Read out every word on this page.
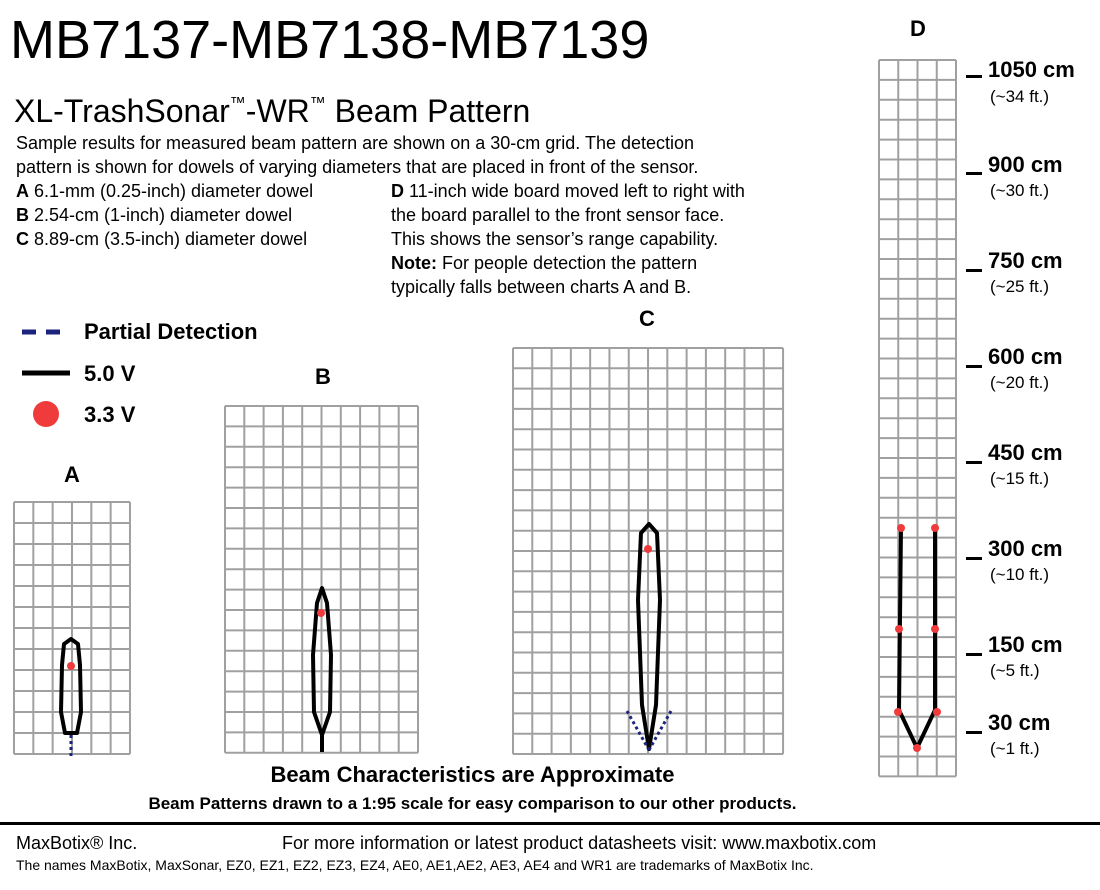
MB7137-MB7138-MB7139
XL-TrashSonar™-WR™ Beam Pattern
Sample results for measured beam pattern are shown on a 30-cm grid. The detection
pattern is shown for dowels of varying diameters that are placed in front of the sensor.
A 6.1-mm (0.25-inch) diameter dowel
B 2.54-cm (1-inch) diameter dowel
C 8.89-cm (3.5-inch) diameter dowel
D 11-inch wide board moved left to right with
the board parallel to the front sensor face.
This shows the sensor’s range capability.
Note: For people detection the pattern
typically falls between charts A and B.
Partial Detection
5.0 V
3.3 V
A
B
C
D
1050 cm
(~34 ft.)
900 cm
(~30 ft.)
750 cm
(~25 ft.)
600 cm
(~20 ft.)
450 cm
(~15 ft.)
300 cm
(~10 ft.)
150 cm
(~5 ft.)
30 cm
(~1 ft.)
Beam Characteristics are Approximate
Beam Patterns drawn to a 1:95 scale for easy comparison to our other products.
MaxBotix® Inc.	For more information or latest product datasheets visit: www.maxbotix.com
The names MaxBotix, MaxSonar, EZ0, EZ1, EZ2, EZ3, EZ4, AE0, AE1,AE2, AE3, AE4 and WR1 are trademarks of MaxBotix Inc.
